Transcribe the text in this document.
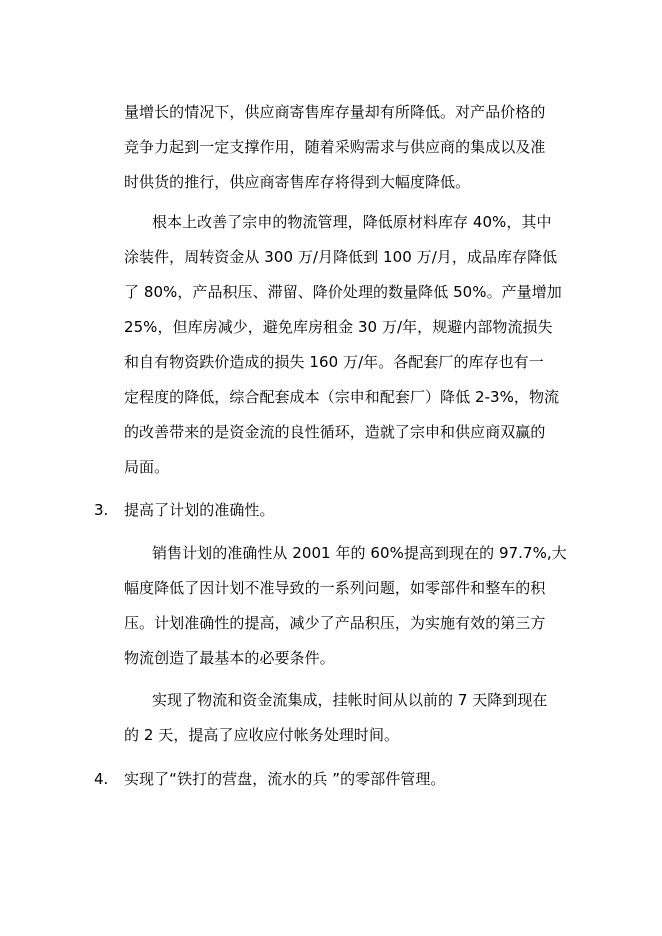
量增长的情况下，供应商寄售库存量却有所降低。对产品价格的
竞争力起到一定支撑作用，随着采购需求与供应商的集成以及准
时供货的推行，供应商寄售库存将得到大幅度降低。
根本上改善了宗申的物流管理，降低原材料库存 40%，其中
涂装件，周转资金从 300 万/月降低到 100 万/月，成品库存降低
了 80%，产品积压、滞留、降价处理的数量降低 50%。产量增加
25%，但库房减少，避免库房租金 30 万/年，规避内部物流损失
和自有物资跌价造成的损失 160 万/年。各配套厂的库存也有一
定程度的降低，综合配套成本（宗申和配套厂）降低 2-3%，物流
的改善带来的是资金流的良性循环，造就了宗申和供应商双赢的
局面。
3. 提高了计划的准确性。
销售计划的准确性从 2001 年的 60%提高到现在的 97.7%,大
幅度降低了因计划不准导致的一系列问题，如零部件和整车的积
压。计划准确性的提高，减少了产品积压，为实施有效的第三方
物流创造了最基本的必要条件。
实现了物流和资金流集成，挂帐时间从以前的 7 天降到现在
的 2 天，提高了应收应付帐务处理时间。
4. 实现了“铁打的营盘，流水的兵 ”的零部件管理。
